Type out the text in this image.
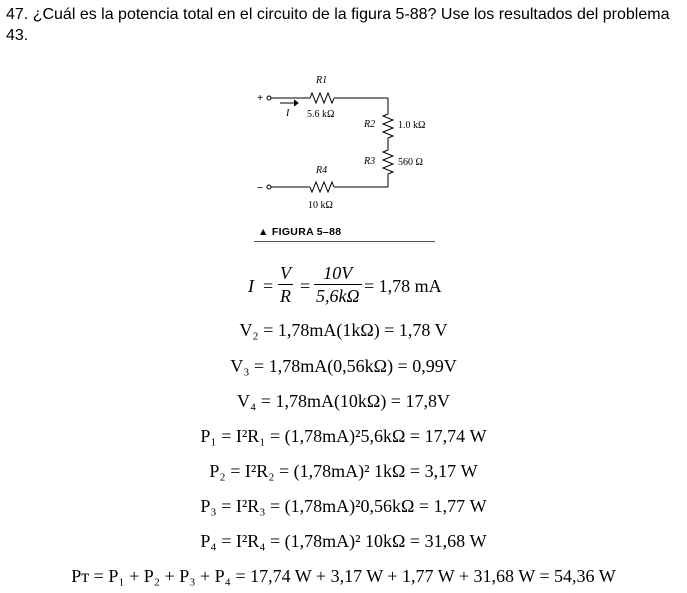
47. ¿Cuál es la potencia total en el circuito de la figura 5-88? Use los resultados del problema 43.
+
−
I
R1
5.6 kΩ
R2 1.0 kΩ
R3 560 Ω
R4
10 kΩ
▲ FIGURA 5–88
$I = \frac{V}{R} = \frac{10V}{5,6k\Omega} = 1,78$ mA
V₂ = 1,78mA(1kΩ) = 1,78 V
V₃ = 1,78mA(0,56kΩ) = 0,99V
V₄ = 1,78mA(10kΩ) = 17,8V
P₁ = I²R₁ = (1,78mA)²5,6kΩ = 17,74 W
P₂ = I²R₂ = (1,78mA)² 1kΩ = 3,17 W
P₃ = I²R₃ = (1,78mA)²0,56kΩ = 1,77 W
P₄ = I²R₄ = (1,78mA)² 10kΩ = 31,68 W
Pᴛ = P₁ + P₂ + P₃ + P₄ = 17,74 W + 3,17 W + 1,77 W + 31,68 W = 54,36 W
